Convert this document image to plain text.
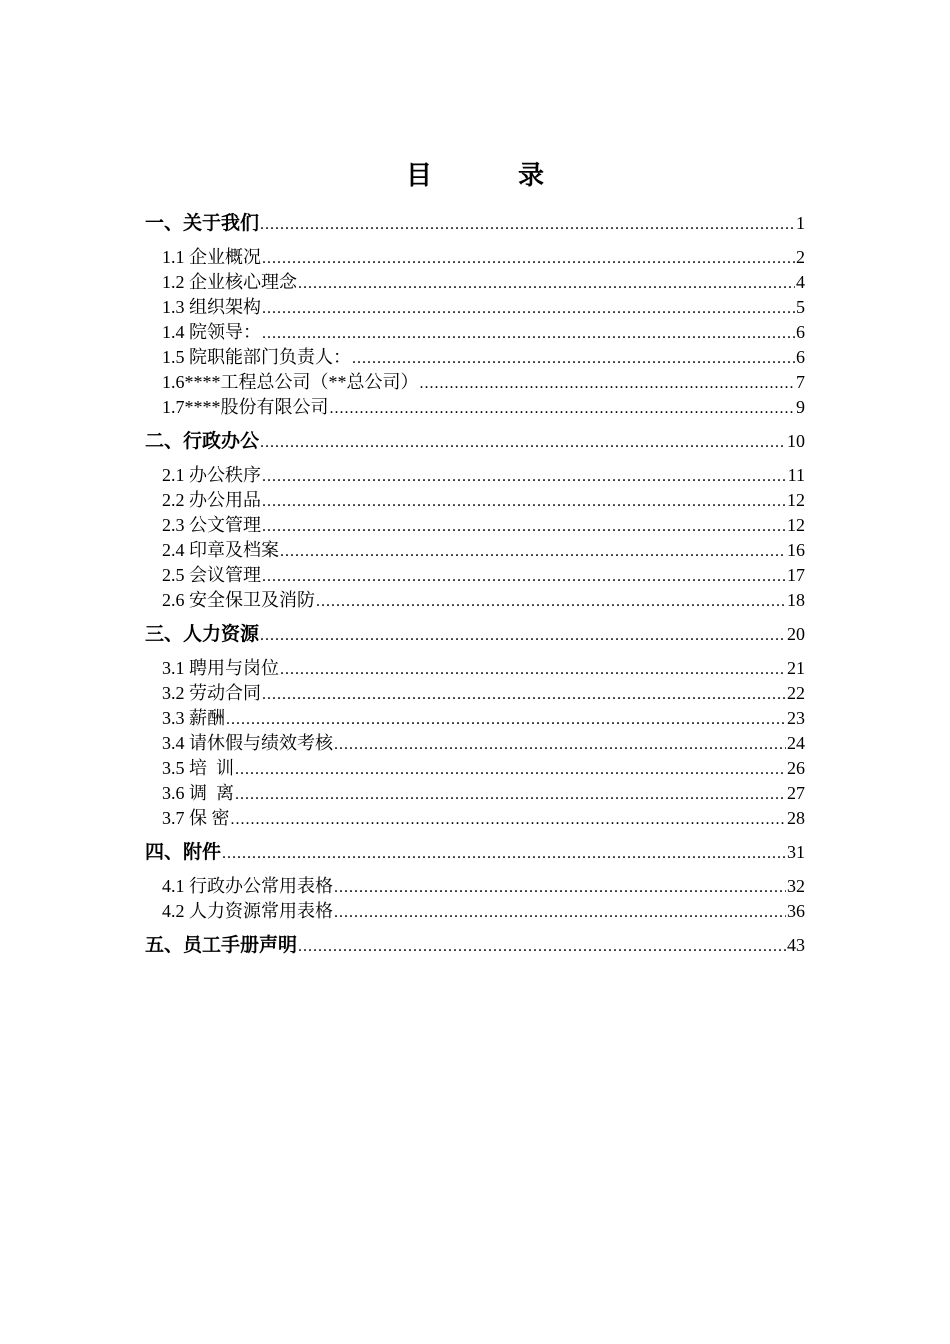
目　录
一、关于我们 .....	1
1.1 企业概况 .....	2
1.2 企业核心理念 .....	4
1.3 组织架构 .....	5
1.4 院领导： .....	6
1.5 院职能部门负责人： .....	6
1.6****工程总公司（**总公司） .....	7
1.7****股份有限公司 .....	9
二、行政办公 .....	10
2.1 办公秩序 .....	11
2.2 办公用品 .....	12
2.3 公文管理 .....	12
2.4 印章及档案 .....	16
2.5 会议管理 .....	17
2.6 安全保卫及消防 .....	18
三、人力资源 .....	20
3.1 聘用与岗位 .....	21
3.2 劳动合同 .....	22
3.3 薪酬 .....	23
3.4 请休假与绩效考核 .....	24
3.5 培  训 .....	26
3.6 调  离 .....	27
3.7 保 密 .....	28
四、附件 .....	31
4.1 行政办公常用表格 .....	32
4.2 人力资源常用表格 .....	36
五、员工手册声明 .....	43
